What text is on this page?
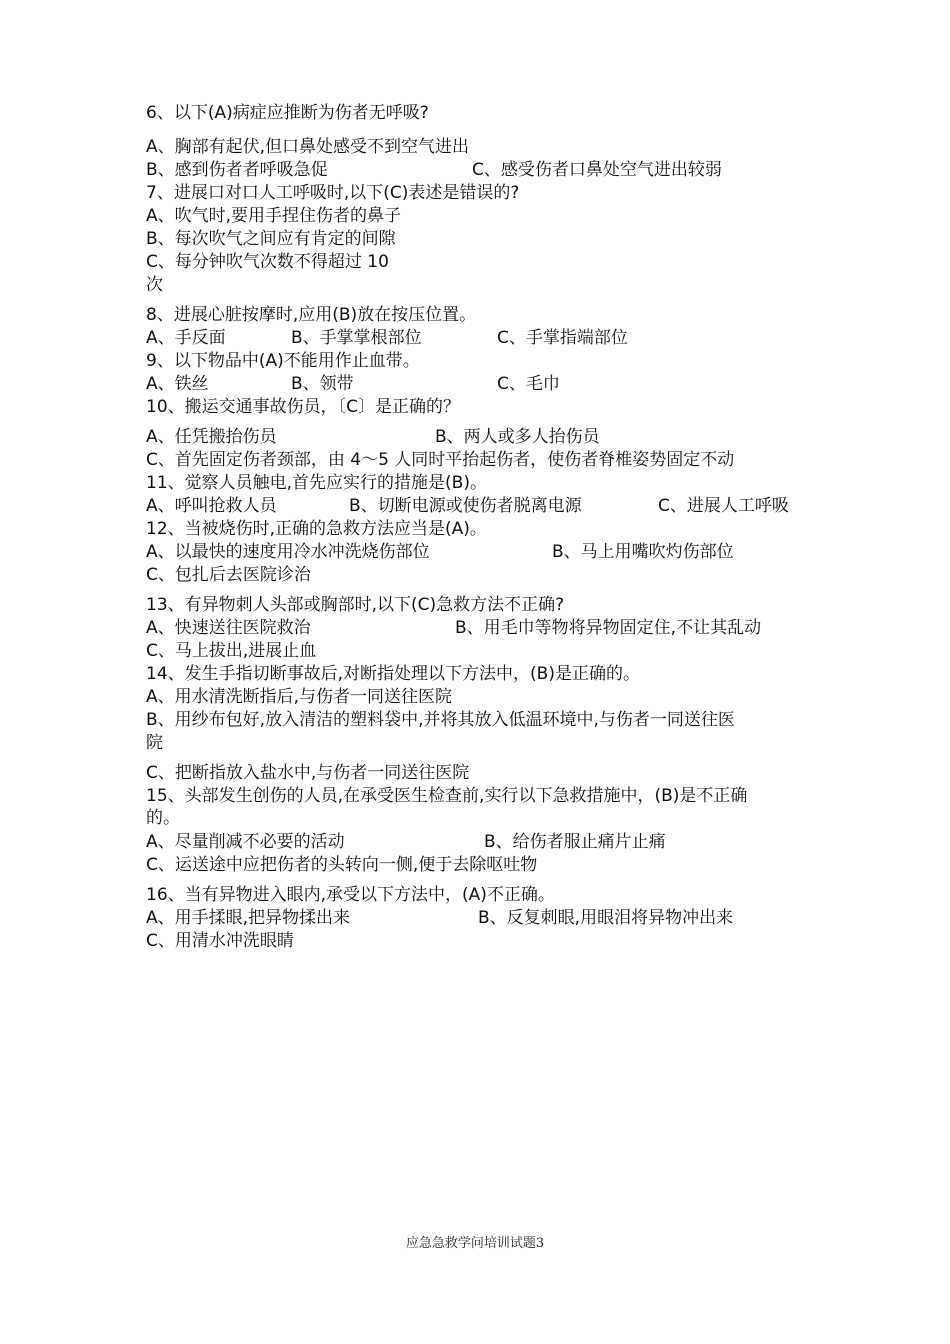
6、以下(A)病症应推断为伤者无呼吸?
A、胸部有起伏,但口鼻处感受不到空气进出
B、感到伤者者呼吸急促	C、感受伤者口鼻处空气进出较弱
7、进展口对口人工呼吸时,以下(C)表述是错误的?
A、吹气时,要用手捏住伤者的鼻子
B、每次吹气之间应有肯定的间隙
C、每分钟吹气次数不得超过 10
次
8、进展心脏按摩时,应用(B)放在按压位置。
A、手反面	B、手掌掌根部位	C、手掌指端部位
9、以下物品中(A)不能用作止血带。
A、铁丝	B、领带	C、毛巾
10、搬运交通事故伤员，〔C〕是正确的？
A、任凭搬抬伤员	B、两人或多人抬伤员
C、首先固定伤者颈部，由 4～5 人同时平抬起伤者，使伤者脊椎姿势固定不动
11、觉察人员触电,首先应实行的措施是(B)。
A、呼叫抢救人员	B、切断电源或使伤者脱离电源	C、进展人工呼吸
12、当被烧伤时,正确的急救方法应当是(A)。
A、以最快的速度用冷水冲洗烧伤部位	B、马上用嘴吹灼伤部位
C、包扎后去医院诊治
13、有异物刺人头部或胸部时,以下(C)急救方法不正确?
A、快速送往医院救治	B、用毛巾等物将异物固定住,不让其乱动
C、马上拔出,进展止血
14、发生手指切断事故后,对断指处理以下方法中，(B)是正确的。
A、用水清洗断指后,与伤者一同送往医院
B、用纱布包好,放入清洁的塑料袋中,并将其放入低温环境中,与伤者一同送往医
院
C、把断指放入盐水中,与伤者一同送往医院
15、头部发生创伤的人员,在承受医生检查前,实行以下急救措施中，(B)是不正确
的。
A、尽量削减不必要的活动	B、给伤者服止痛片止痛
C、运送途中应把伤者的头转向一侧,便于去除呕吐物
16、当有异物进入眼内,承受以下方法中，(A)不正确。
A、用手揉眼,把异物揉出来	B、反复刺眼,用眼泪将异物冲出来
C、用清水冲洗眼睛
应急急救学问培训试题3
